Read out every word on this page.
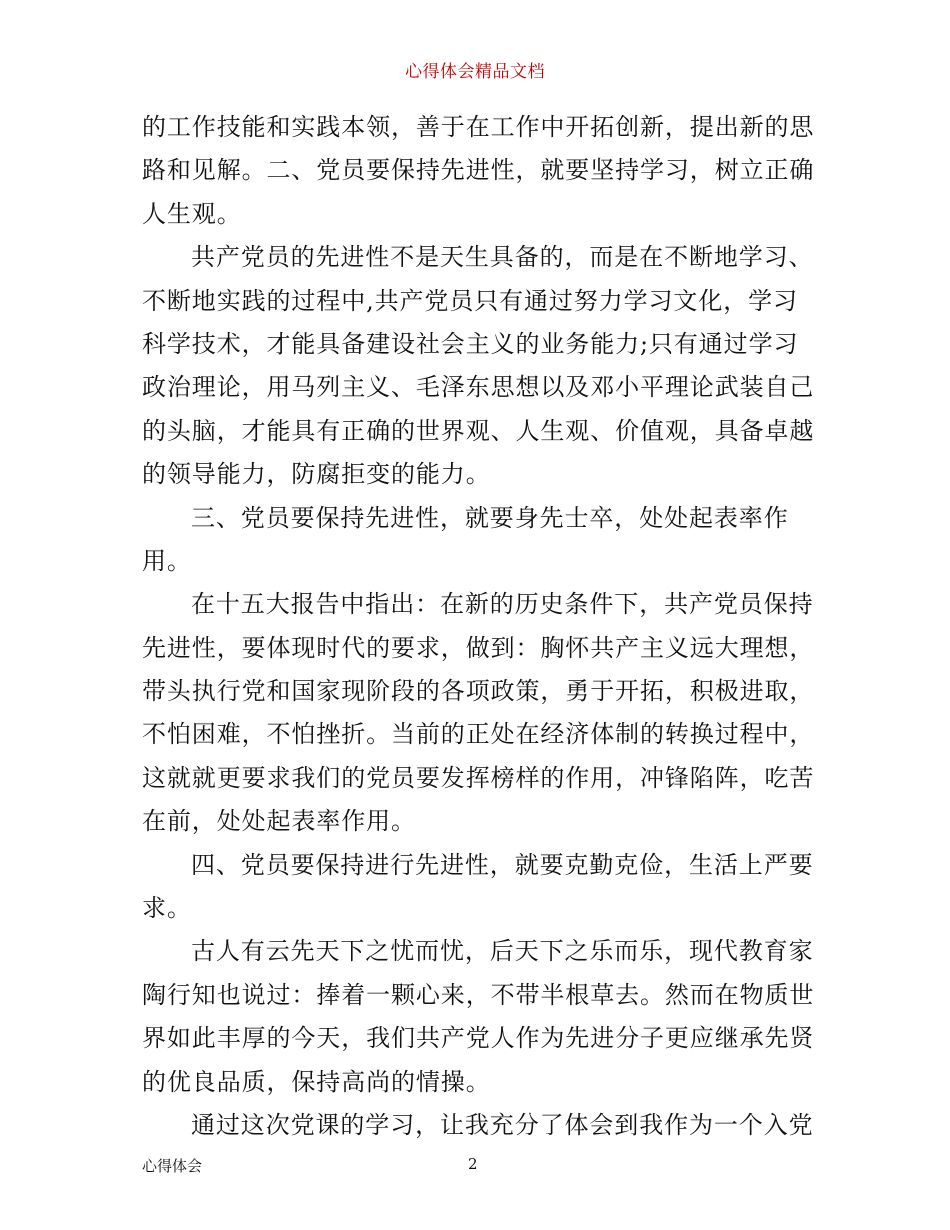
心得体会精品文档
的工作技能和实践本领，善于在工作中开拓创新，提出新的思
路和见解。二、党员要保持先进性，就要坚持学习，树立正确
人生观。
共产党员的先进性不是天生具备的，而是在不断地学习、
不断地实践的过程中,共产党员只有通过努力学习文化，学习
科学技术，才能具备建设社会主义的业务能力;只有通过学习
政治理论，用马列主义、毛泽东思想以及邓小平理论武装自己
的头脑，才能具有正确的世界观、人生观、价值观，具备卓越
的领导能力，防腐拒变的能力。
三、党员要保持先进性，就要身先士卒，处处起表率作
用。
在十五大报告中指出：在新的历史条件下，共产党员保持
先进性，要体现时代的要求，做到：胸怀共产主义远大理想，
带头执行党和国家现阶段的各项政策，勇于开拓，积极进取，
不怕困难，不怕挫折。当前的正处在经济体制的转换过程中，
这就就更要求我们的党员要发挥榜样的作用，冲锋陷阵，吃苦
在前，处处起表率作用。
四、党员要保持进行先进性，就要克勤克俭，生活上严要
求。
古人有云先天下之忧而忧，后天下之乐而乐，现代教育家
陶行知也说过：捧着一颗心来，不带半根草去。然而在物质世
界如此丰厚的今天，我们共产党人作为先进分子更应继承先贤
的优良品质，保持高尚的情操。
通过这次党课的学习，让我充分了体会到我作为一个入党
心得体会	2
